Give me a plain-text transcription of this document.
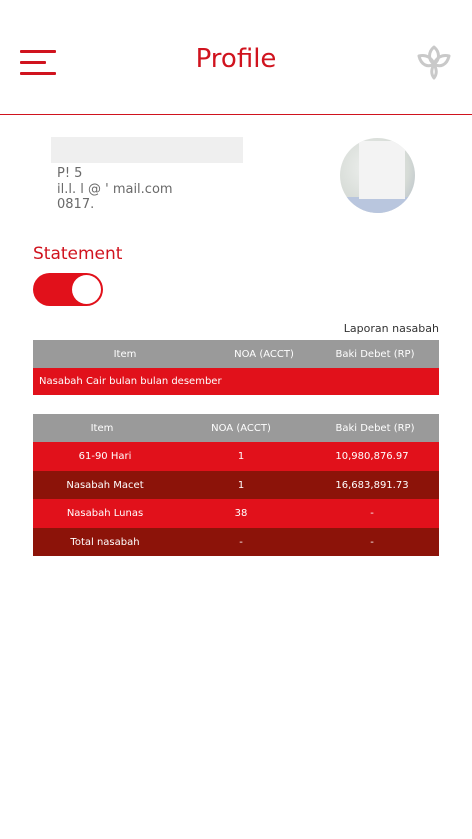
Profile
P! 5
il.l. l @ ' mail.com
0817.
Statement
Laporan nasabah
Item	NOA (ACCT)	Baki Debet (RP)
Nasabah Cair bulan bulan desember
Item	NOA (ACCT)	Baki Debet (RP)
61-90 Hari	1	10,980,876.97
Nasabah Macet	1	16,683,891.73
Nasabah Lunas	38	-
Total nasabah	-	-
